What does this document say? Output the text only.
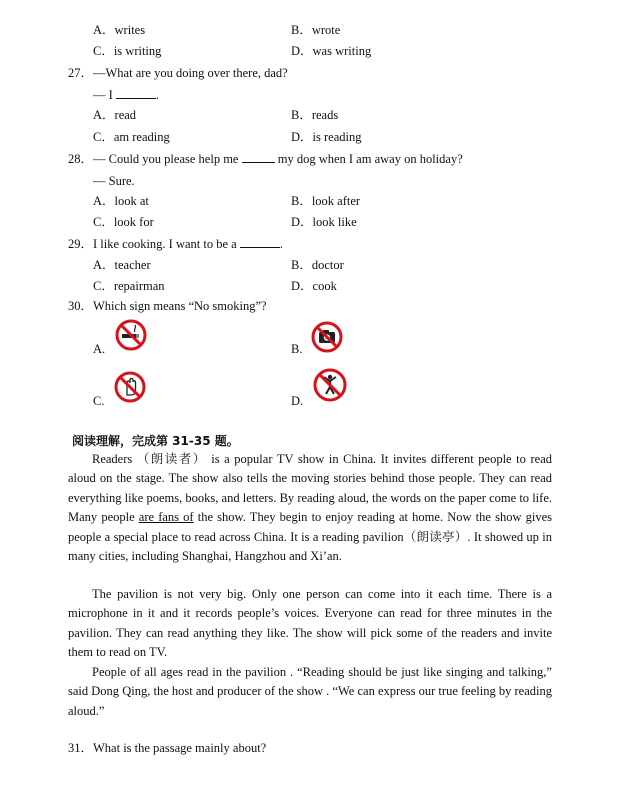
A．writes	B．wrote
C．is writing	D．was writing
27． —What are you doing over there, dad?
— I	.
A．read	B．reads
C．am reading	D．is reading
28． — Could you please help me	my dog when I am away on holiday?
— Sure.
A．look at	B．look after
C．look for	D．look like
29． I like cooking. I want to be a	.
A．teacher	B．doctor
C．repairman	D．cook
30． Which sign means “No smoking”?
A.	B.
C.	D.
阅读理解，完成第 31-35 题。
Readers （朗读者） is a popular TV show in China. It invites different people to read aloud on the stage. The show also tells the moving stories behind those people. They can read everything like poems, books, and letters. By reading aloud, the words on the paper come to life. Many people are fans of the show. They begin to enjoy reading at home. Now the show gives people a special place to read across China. It is a reading pavilion（朗读亭）. It showed up in many cities, including Shanghai, Hangzhou and Xi’an.
The pavilion is not very big. Only one person can come into it each time. There is a microphone in it and it records people’s voices. Everyone can read for three minutes in the pavilion. They can read anything they like. The show will pick some of the readers and invite them to read on TV.
People of all ages read in the pavilion . “Reading should be just like singing and talking,” said Dong Qing, the host and producer of the show . “We can express our true feeling by reading aloud.”
31． What is the passage mainly about?
